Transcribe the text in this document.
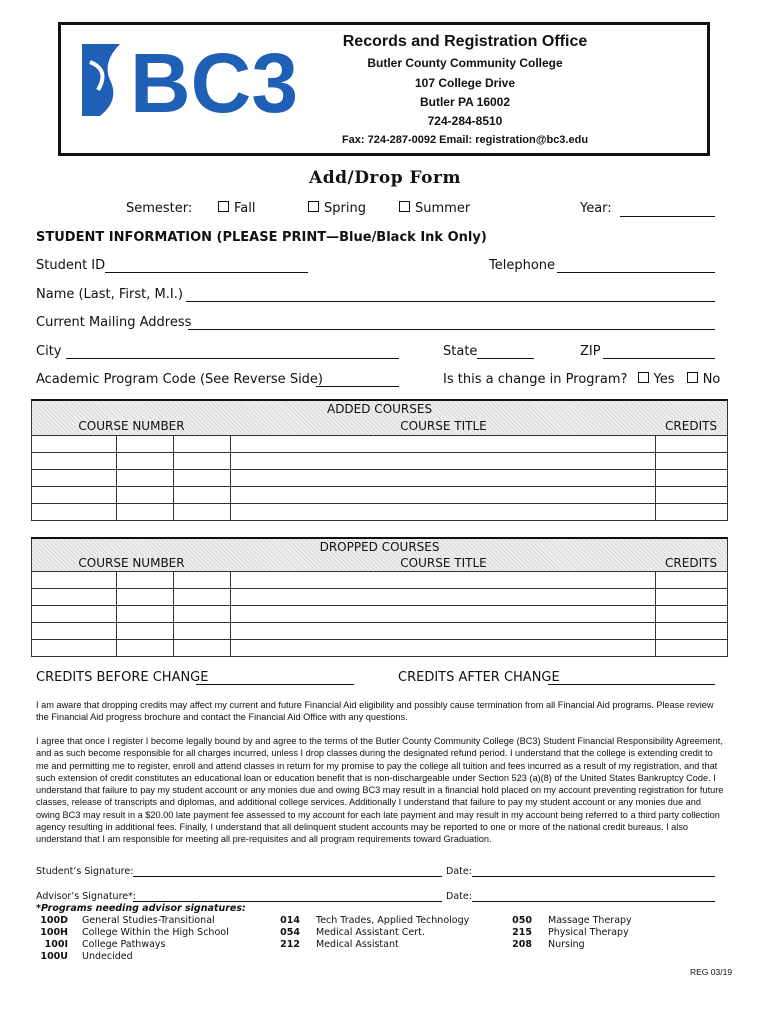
BC3	Records and Registration Office
Butler County Community College
107 College Drive
Butler PA 16002
724-284-8510
Fax: 724-287-0092 Email: registration@bc3.edu
Add/Drop Form
Semester:	Fall	Spring	Summer	Year:
STUDENT INFORMATION (PLEASE PRINT—Blue/Black Ink Only)
Student ID	Telephone
Name (Last, First, M.I.)
Current Mailing Address
City	State	ZIP
Academic Program Code (See Reverse Side)	Is this a change in Program? Yes No
ADDED COURSES
COURSE NUMBER COURSE TITLE CREDITS				

DROPPED COURSES
COURSE NUMBER COURSE TITLE CREDITS				

CREDITS BEFORE CHANGE	CREDITS AFTER CHANGE
I am aware that dropping credits may affect my current and future Financial Aid eligibility and possibly cause termination from all Financial Aid programs. Please review the Financial Aid progress brochure and contact the Financial Aid Office with any questions.
I agree that once I register I become legally bound by and agree to the terms of the Butler County Community College (BC3) Student Financial Responsibility Agreement, and as such become responsible for all charges incurred, unless I drop classes during the designated refund period. I understand that the college is extending credit to me and permitting me to register, enroll and attend classes in return for my promise to pay the college all tuition and fees incurred as a result of my registration, and that such extension of credit constitutes an educational loan or education benefit that is non-dischargeable under Section 523 (a)(8) of the United States Bankruptcy Code. I understand that failure to pay my student account or any monies due and owing BC3 may result in a financial hold placed on my account preventing registration for future classes, release of transcripts and diplomas, and additional college services. Additionally I understand that failure to pay my student account or any monies due and owing BC3 may result in a $20.00 late payment fee assessed to my account for each late payment and may result in my account being referred to a third party collection agency resulting in additional fees. Finally, I understand that all delinquent student accounts may be reported to one or more of the national credit bureaus. I also understand that I am responsible for meeting all pre-requisites and all program requirements toward Graduation.
Student’s Signature:	Date:
Advisor’s Signature*:	Date:
*Programs needing advisor signatures:
100D General Studies-Transitional
100H College Within the High School
100I College Pathways
100U Undecided
014 Tech Trades, Applied Technology
054 Medical Assistant Cert.
212 Medical Assistant
050 Massage Therapy
215 Physical Therapy
208 Nursing
REG 03/19
